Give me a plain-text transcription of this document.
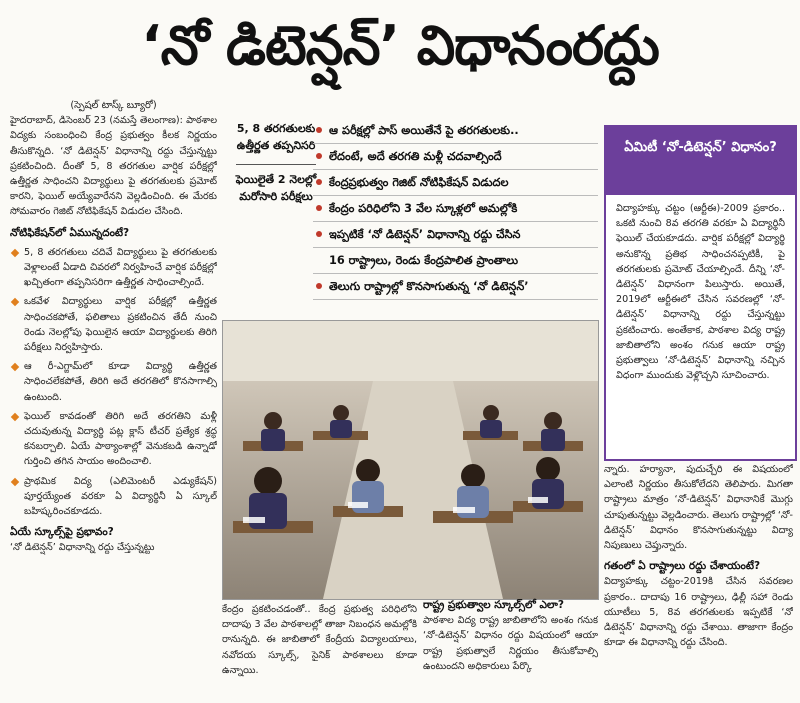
‘నో డిటెన్షన్’ విధానంరద్దు

(స్పెషల్ టాస్క్ బ్యూరో)

హైదరాబాద్, డిసెంబర్ 23 (నమస్తే తెలంగాణ): పాఠశాల విద్యకు సంబంధించి కేంద్ర ప్రభుత్వం కీలక నిర్ణయం తీసుకొన్నది. ‘నో డిటెన్షన్’ విధానాన్ని రద్దు చేస్తున్నట్టు ప్రకటించింది. దీంతో 5, 8 తరగతుల వార్షిక పరీక్షల్లో ఉత్తీర్ణత సాధించని విద్యార్థులు పై తరగతులకు ప్రమోట్ కారని, ఫెయిల్ అయ్యేవారేనని వెల్లడించింది. ఈ మేరకు సోమవారం గెజిట్ నోటిఫికేషన్ విడుదల చేసింది.

నోటిఫికేషన్‌లో ఏమున్నదంటే?

5, 8 తరగతులు చదివే విద్యార్థులు పై తరగతులకు వెళ్లాలంటే ఏడాది చివరలో నిర్వహించే వార్షిక పరీక్షల్లో ఖచ్చితంగా తప్పనిసరిగా ఉత్తీర్ణత సాధించాల్సిందే.
ఒకవేళ విద్యార్థులు వార్షిక పరీక్షల్లో ఉత్తీర్ణత సాధించకపోతే, ఫలితాలు ప్రకటించిన తేదీ నుంచి రెండు నెలల్లోపు ఫెయిలైన ఆయా విద్యార్థులకు తిరిగి పరీక్షలు నిర్వహిస్తారు.
ఆ రీ-ఎగ్జామ్‌లో కూడా విద్యార్థి ఉత్తీర్ణత సాధించలేకపోతే, తిరిగి అదే తరగతిలో కొనసాగాల్సి ఉంటుంది.
ఫెయిల్ కావడంతో తిరిగి అదే తరగతిని మళ్లీ చదువుతున్న విద్యార్థి పట్ల క్లాస్ టీచర్ ప్రత్యేక శ్రద్ధ కనబర్చాలి. ఏయే పాఠ్యాంశాల్లో వెనుకబడి ఉన్నాడో గుర్తించి తగిన సాయం అందించాలి.
ప్రాథమిక విద్య (ఎలిమెంటరీ ఎడ్యుకేషన్) పూర్తయ్యేంత వరకూ ఏ విద్యార్థినీ ఏ స్కూల్ బహిష్కరించకూడదు.

ఏయే స్కూల్స్‌పై ప్రభావం?

‘నో డిటెన్షన్’ విధానాన్ని రద్దు చేస్తున్నట్టు

5, 8 తరగతులకు ఉత్తీర్ణత తప్పనిసరి
ఫెయిలైతే 2 నెలల్లో మరోసారి పరీక్షలు
ఆ పరీక్షల్లో పాస్ అయితేనే పై తరగతులకు..
లేదంటే, అదే తరగతి మళ్లీ చదవాల్సిందే
కేంద్రప్రభుత్వం గెజిట్ నోటిఫికేషన్ విడుదల
కేంద్రం పరిధిలోని 3 వేల స్కూళ్లలో అమల్లోకి
ఇప్పటికే ‘నో డిటెన్షన్’ విధానాన్ని రద్దు చేసిన
16 రాష్ట్రాలు, రెండు కేంద్రపాలిత ప్రాంతాలు
తెలుగు రాష్ట్రాల్లో కొనసాగుతున్న ‘నో డిటెన్షన్’
ఏమిటీ ‘నో-డిటెన్షన్’ విధానం?

విద్యాహక్కు చట్టం (ఆర్టీఈ)-2009 ప్రకారం.. ఒకటి నుంచి 8వ తరగతి వరకూ ఏ విద్యార్థినీ ఫెయిల్ చేయకూడదు. వార్షిక పరీక్షల్లో విద్యార్థి అనుకొన్న ప్రతిభ సాధించనప్పటికీ, పై తరగతులకు ప్రమోట్ చేయాల్సిందే. దీన్ని ‘నో-డిటెన్షన్’ విధానంగా పిలుస్తారు. అయితే, 2019లో ఆర్టీఈలో చేసిన సవరణల్లో ‘నో-డిటెన్షన్’ విధానాన్ని రద్దు చేస్తున్నట్టు ప్రకటించారు. అంతేకాక, పాఠశాల విద్య రాష్ట్ర జాబితాలోని అంశం గనుక ఆయా రాష్ట్ర ప్రభుత్వాలు ‘నో-డిటెన్షన్’ విధానాన్ని నచ్చిన విధంగా ముందుకు వెళ్లొచ్చని సూచించారు.

న్నారు. హర్యానా, పుదుచ్చేరి ఈ విషయంలో ఎలాంటి నిర్ణయం తీసుకోలేదని తెలిపారు. మిగతా రాష్ట్రాలు మాత్రం ‘నో-డిటెన్షన్’ విధానానికే మొగ్గు చూపుతున్నట్టు వెల్లడించారు. తెలుగు రాష్ట్రాల్లో ‘నో-డిటెన్షన్’ విధానం కొనసాగుతున్నట్టు విద్యా నిపుణులు చెప్తున్నారు.

గతంలో ఏ రాష్ట్రాలు రద్దు చేశాయంటే?

విద్యాహక్కు చట్టం-2019కి చేసిన సవరణల ప్రకారం.. దాదాపు 16 రాష్ట్రాలు, ఢిల్లీ సహా రెండు యూటీలు 5, 8వ తరగతులకు ఇప్పటికే ‘నో డిటెన్షన్’ విధానాన్ని రద్దు చేశాయి. తాజాగా కేంద్రం కూడా ఈ విధానాన్ని రద్దు చేసింది.

కేంద్రం ప్రకటించడంతో.. కేంద్ర ప్రభుత్వ పరిధిలోని దాదాపు 3 వేల పాఠశాలల్లో తాజా నిబంధన అమల్లోకి రానున్నది. ఈ జాబితాలో కేంద్రీయ విద్యాలయాలు, నవోదయ స్కూల్స్, సైనిక్ పాఠశాలలు కూడా ఉన్నాయి.

రాష్ట్ర ప్రభుత్వాల స్కూల్స్‌లో ఎలా?

పాఠశాల విద్య రాష్ట్ర జాబితాలోని అంశం గనుక ‘నో-డిటెన్షన్’ విధానం రద్దు విషయంలో ఆయా రాష్ట్ర ప్రభుత్వాలే నిర్ణయం తీసుకోవాల్సి ఉంటుందని అధికారులు పేర్కొ
